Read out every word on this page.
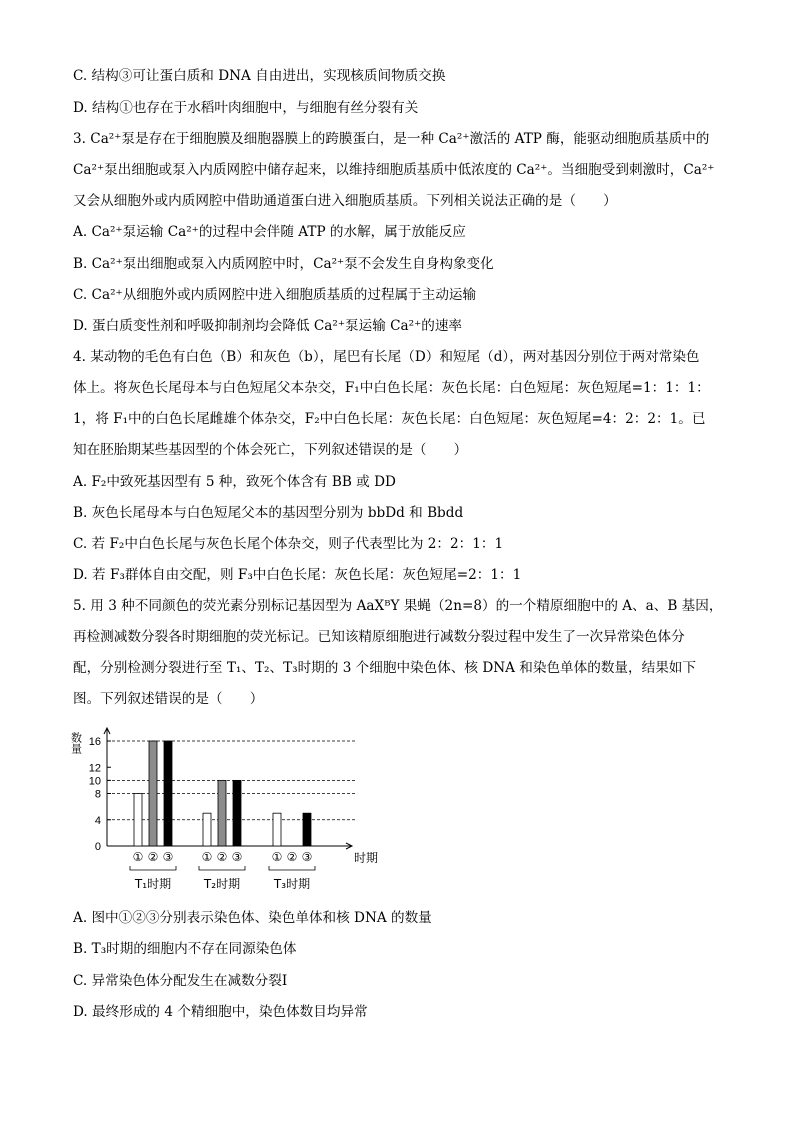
C. 结构③可让蛋白质和 DNA 自由进出，实现核质间物质交换
D. 结构①也存在于水稻叶肉细胞中，与细胞有丝分裂有关
3. Ca²⁺泵是存在于细胞膜及细胞器膜上的跨膜蛋白，是一种 Ca²⁺激活的 ATP 酶，能驱动细胞质基质中的
Ca²⁺泵出细胞或泵入内质网腔中储存起来，以维持细胞质基质中低浓度的 Ca²⁺。当细胞受到刺激时，Ca²⁺
又会从细胞外或内质网腔中借助通道蛋白进入细胞质基质。下列相关说法正确的是（　　）
A. Ca²⁺泵运输 Ca²⁺的过程中会伴随 ATP 的水解，属于放能反应
B. Ca²⁺泵出细胞或泵入内质网腔中时，Ca²⁺泵不会发生自身构象变化
C. Ca²⁺从细胞外或内质网腔中进入细胞质基质的过程属于主动运输
D. 蛋白质变性剂和呼吸抑制剂均会降低 Ca²⁺泵运输 Ca²⁺的速率
4. 某动物的毛色有白色（B）和灰色（b），尾巴有长尾（D）和短尾（d），两对基因分别位于两对常染色
体上。将灰色长尾母本与白色短尾父本杂交，F₁中白色长尾：灰色长尾：白色短尾：灰色短尾=1：1：1：
1，将 F₁中的白色长尾雌雄个体杂交，F₂中白色长尾：灰色长尾：白色短尾：灰色短尾=4：2：2：1。已
知在胚胎期某些基因型的个体会死亡，下列叙述错误的是（　　）
A. F₂中致死基因型有 5 种，致死个体含有 BB 或 DD
B. 灰色长尾母本与白色短尾父本的基因型分别为 bbDd 和 Bbdd
C. 若 F₂中白色长尾与灰色长尾个体杂交，则子代表型比为 2：2：1：1
D. 若 F₃群体自由交配，则 F₃中白色长尾：灰色长尾：灰色短尾=2：1：1
5. 用 3 种不同颜色的荧光素分别标记基因型为 AaXᴮY 果蝇（2n=8）的一个精原细胞中的 A、a、B 基因，
再检测减数分裂各时期细胞的荧光标记。已知该精原细胞进行减数分裂过程中发生了一次异常染色体分
配，分别检测分裂进行至 T₁、T₂、T₃时期的 3 个细胞中染色体、核 DNA 和染色单体的数量，结果如下
图。下列叙述错误的是（　　）
0
4
8
10
12
16
数量
时期
① ② ③
T₁时期
① ② ③
T₂时期
① ② ③
T₃时期
A. 图中①②③分别表示染色体、染色单体和核 DNA 的数量
B. T₃时期的细胞内不存在同源染色体
C. 异常染色体分配发生在减数分裂Ⅰ
D. 最终形成的 4 个精细胞中，染色体数目均异常
